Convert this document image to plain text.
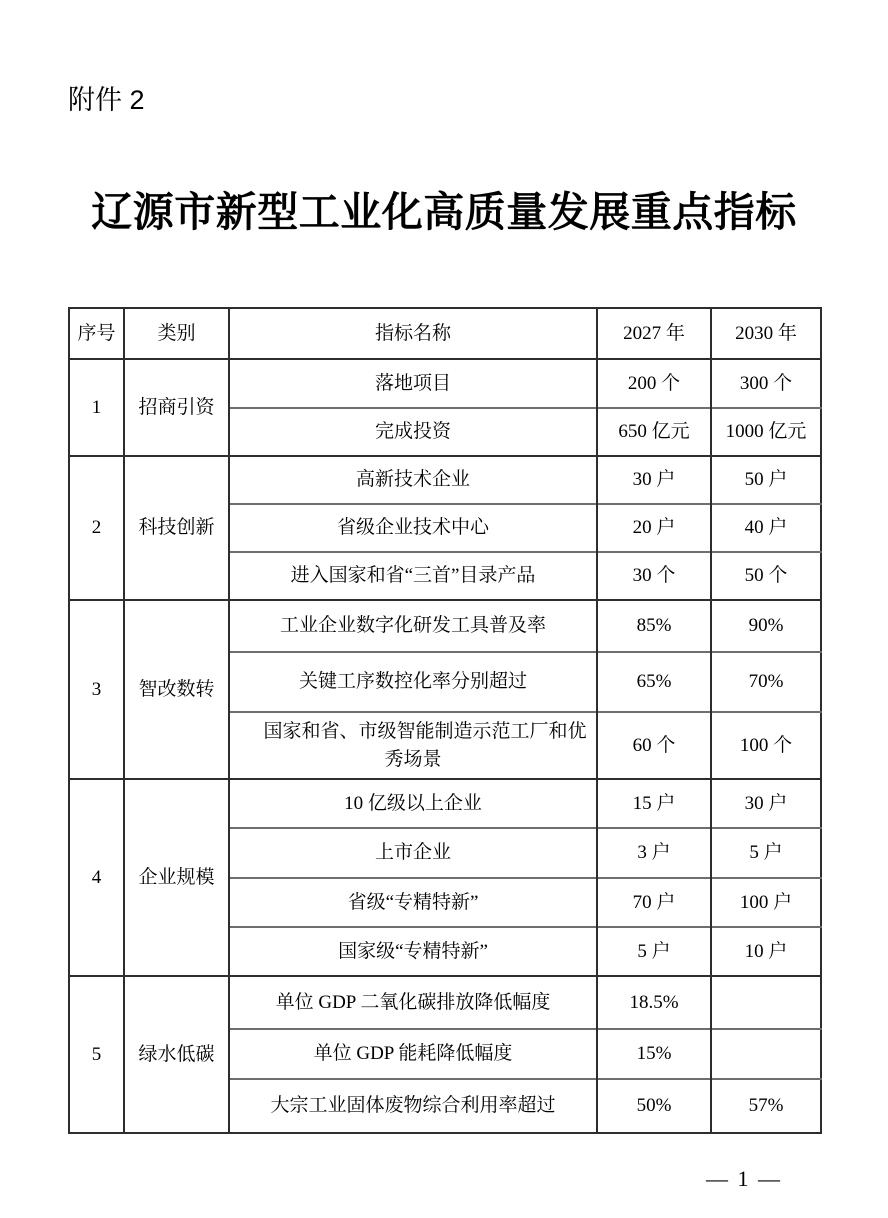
附件 2
辽源市新型工业化高质量发展重点指标
序号	类别	指标名称	2027 年	2030 年
1	招商引资	落地项目	200 个	300 个
		完成投资	650 亿元	1000 亿元
2	科技创新	高新技术企业	30 户	50 户
		省级企业技术中心	20 户	40 户
		进入国家和省“三首”目录产品	30 个	50 个
3	智改数转	工业企业数字化研发工具普及率	85%	90%
		关键工序数控化率分别超过	65%	70%
		国家和省、市级智能制造示范工厂和优秀场景	60 个	100 个
4	企业规模	10 亿级以上企业	15 户	30 户
		上市企业	3 户	5 户
		省级“专精特新”	70 户	100 户
		国家级“专精特新”	5 户	10 户
5	绿水低碳	单位 GDP 二氧化碳排放降低幅度	18.5%	
		单位 GDP 能耗降低幅度	15%	
		大宗工业固体废物综合利用率超过	50%	57%
— 1 —
